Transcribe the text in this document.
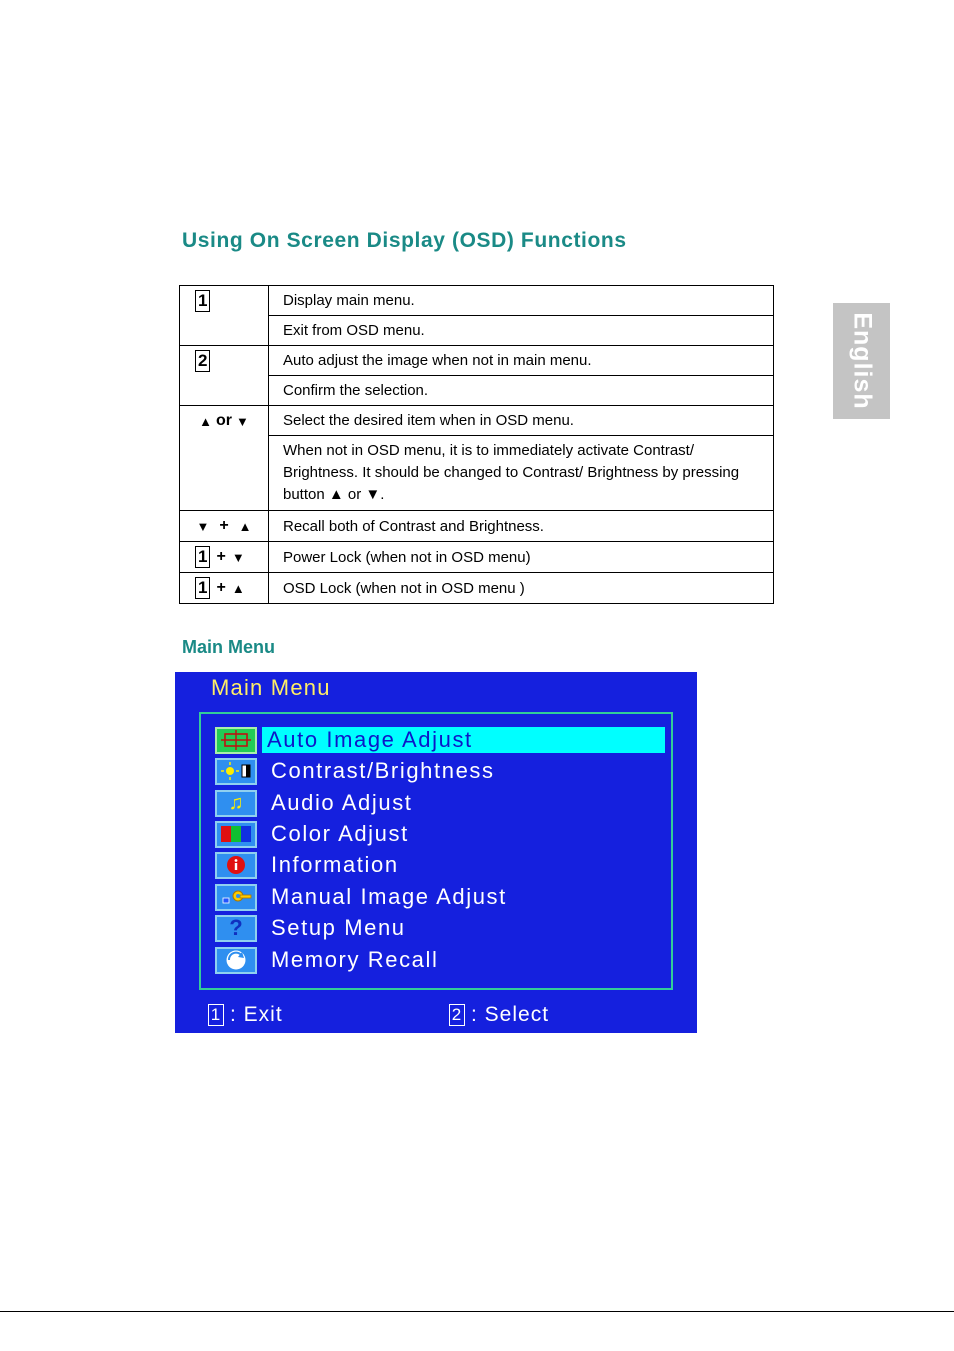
Using On Screen Display (OSD) Functions
English
1	Display main menu.
	Exit from OSD menu.

2	Auto adjust the image when not in main menu.
	Confirm the selection.

▲ or ▼	Select the desired item when in OSD menu.
	When not in OSD menu, it is to immediately activate Contrast/ Brightness. It should be changed to Contrast/ Brightness by pressing button ▲ or ▼.

▼ + ▲	Recall both of Contrast and Brightness.

1 + ▼	Power Lock (when not in OSD menu)

1 + ▲	OSD Lock (when not in OSD menu )
Main Menu
Main Menu
Auto Image Adjust
Contrast/Brightness
♫	Audio Adjust
Color Adjust
Information
Manual Image Adjust
?	Setup Menu
Memory Recall
1 : Exit	2 : Select
